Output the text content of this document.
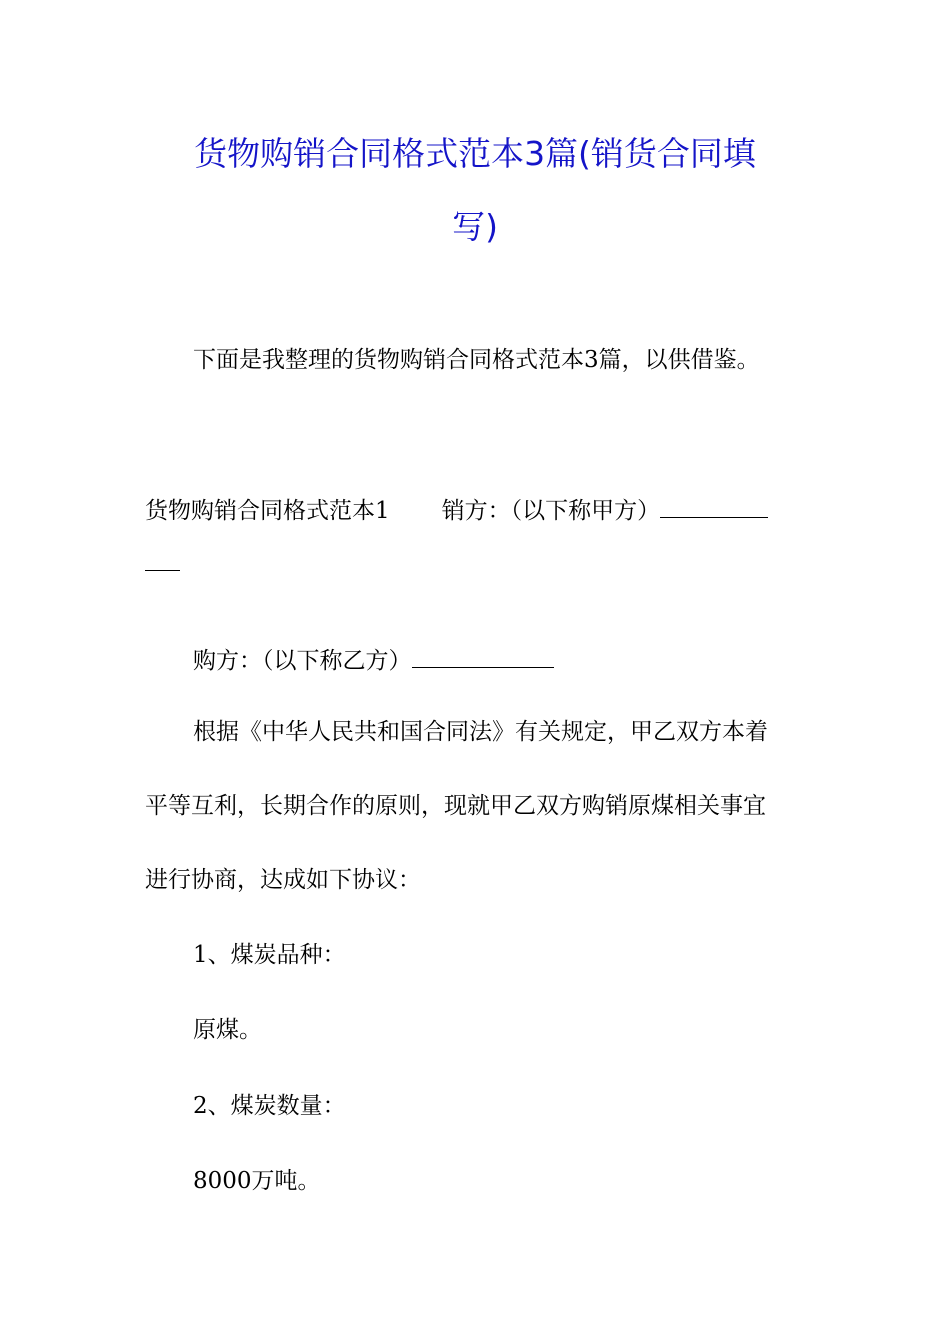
货物购销合同格式范本3篇(销货合同填
写)

下面是我整理的货物购销合同格式范本3篇，以供借鉴。

货物购销合同格式范本1 销方：（以下称甲方）

购方：（以下称乙方）

根据《中华人民共和国合同法》有关规定，甲乙双方本着

平等互利，长期合作的原则，现就甲乙双方购销原煤相关事宜

进行协商，达成如下协议：

1、煤炭品种：

原煤。

2、煤炭数量：

8000万吨。
